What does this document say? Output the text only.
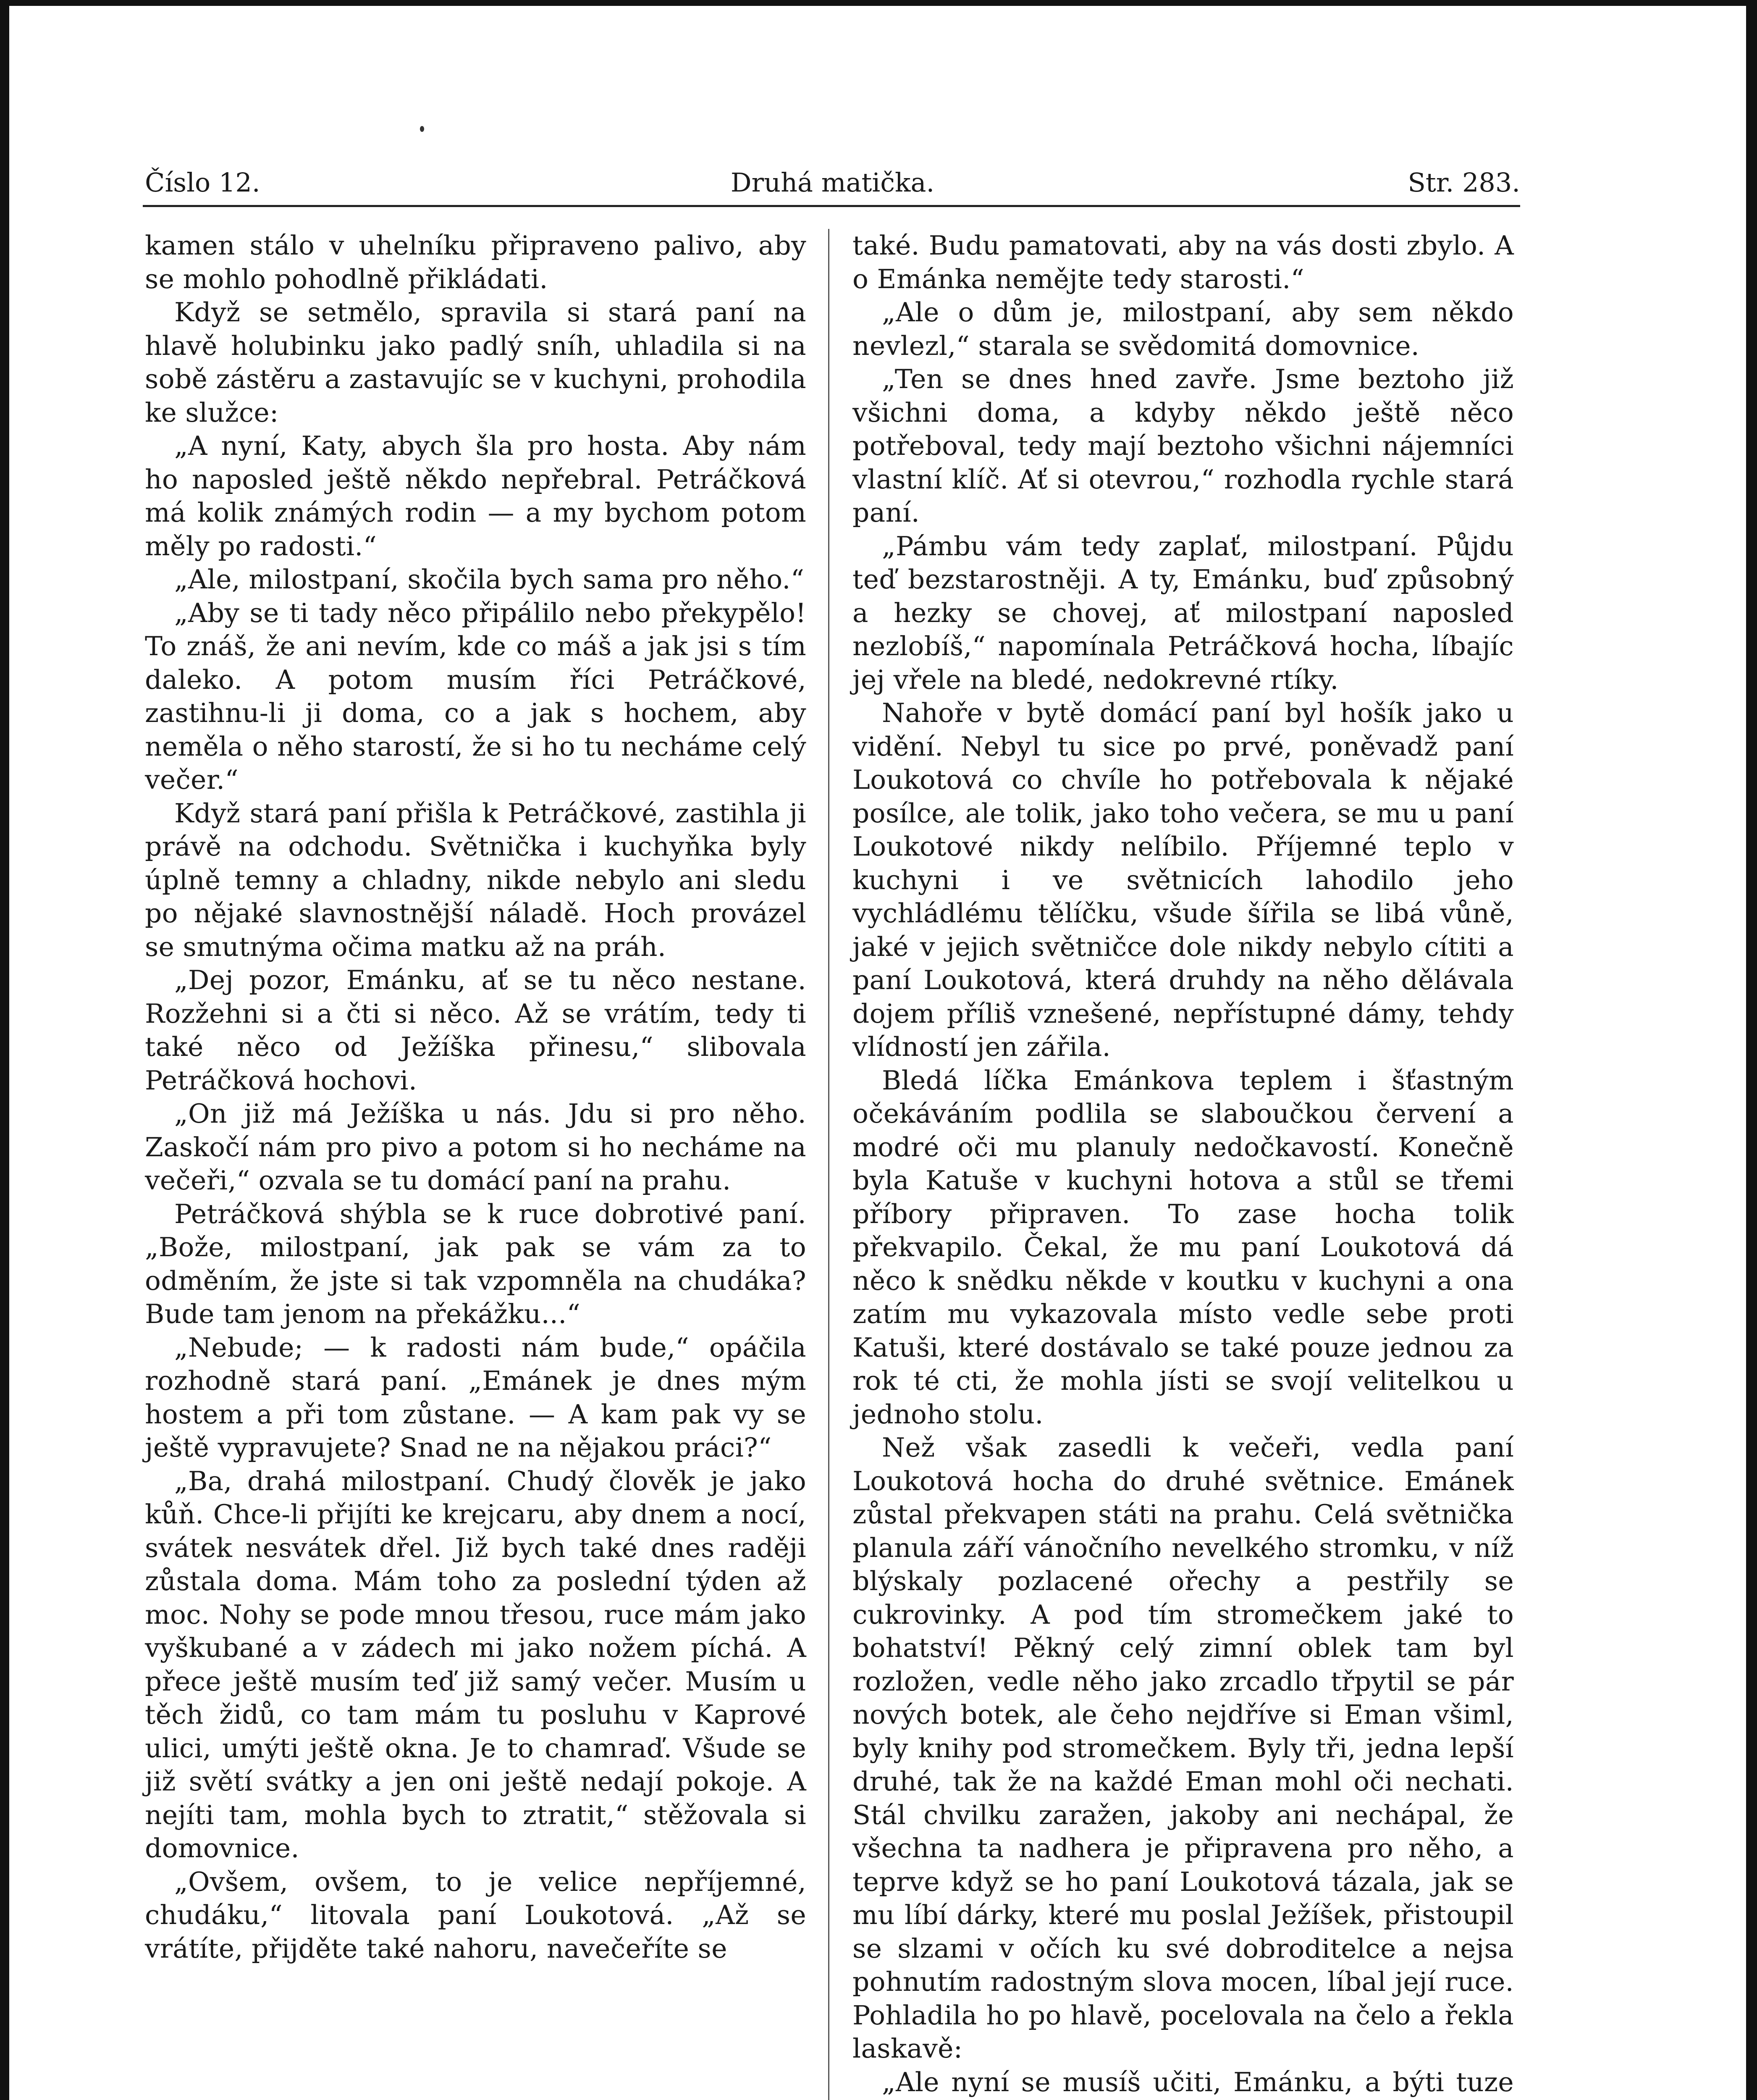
Číslo 12.	Druhá matička.	Str. 283.

kamen stálo v uhelníku připraveno palivo, aby se mohlo pohodlně přikládati.

Když se setmělo, spravila si stará paní na hlavě holubinku jako padlý sníh, uhladila si na sobě zástěru a zastavujíc se v kuchyni, prohodila ke služce:

„A nyní, Katy, abych šla pro hosta. Aby nám ho naposled ještě někdo nepřebral. Petráčková má kolik známých rodin — a my bychom potom měly po radosti.“

„Ale, milostpaní, skočila bych sama pro něho.“

„Aby se ti tady něco připálilo nebo překypělo! To znáš, že ani nevím, kde co máš a jak jsi s tím daleko. A potom musím říci Petráčkové, zastihnu-li ji doma, co a jak s hochem, aby neměla o něho starostí, že si ho tu necháme celý večer.“

Když stará paní přišla k Petráčkové, zastihla ji právě na odchodu. Světnička i kuchyňka byly úplně temny a chladny, nikde nebylo ani sledu po nějaké slavnostnější náladě. Hoch provázel se smutnýma očima matku až na práh.

„Dej pozor, Emánku, ať se tu něco nestane. Rozžehni si a čti si něco. Až se vrátím, tedy ti také něco od Ježíška přinesu,“ slibovala Petráčková hochovi.

„On již má Ježíška u nás. Jdu si pro něho. Zaskočí nám pro pivo a potom si ho necháme na večeři,“ ozvala se tu domácí paní na prahu.

Petráčková shýbla se k ruce dobrotivé paní. „Bože, milostpaní, jak pak se vám za to odměním, že jste si tak vzpomněla na chudáka? Bude tam jenom na překážku...“

„Nebude; — k radosti nám bude,“ opáčila rozhodně stará paní. „Emánek je dnes mým hostem a při tom zůstane. — A kam pak vy se ještě vypravujete? Snad ne na nějakou práci?“

„Ba, drahá milostpaní. Chudý člověk je jako kůň. Chce-li přijíti ke krejcaru, aby dnem a nocí, svátek nesvátek dřel. Již bych také dnes raději zůstala doma. Mám toho za poslední týden až moc. Nohy se pode mnou třesou, ruce mám jako vyškubané a v zádech mi jako nožem píchá. A přece ještě musím teď již samý večer. Musím u těch židů, co tam mám tu posluhu v Kaprové ulici, umýti ještě okna. Je to chamraď. Všude se již světí svátky a jen oni ještě nedají pokoje. A nejíti tam, mohla bych to ztratit,“ stěžovala si domovnice.

„Ovšem, ovšem, to je velice nepříjemné, chudáku,“ litovala paní Loukotová. „Až se vrátíte, přijděte také nahoru, navečeříte se

také. Budu pamatovati, aby na vás dosti zbylo. A o Emánka nemějte tedy starosti.“

„Ale o dům je, milostpaní, aby sem někdo nevlezl,“ starala se svědomitá domovnice.

„Ten se dnes hned zavře. Jsme beztoho již všichni doma, a kdyby někdo ještě něco potřeboval, tedy mají beztoho všichni nájemníci vlastní klíč. Ať si otevrou,“ rozhodla rychle stará paní.

„Pámbu vám tedy zaplať, milostpaní. Půjdu teď bezstarostněji. A ty, Emánku, buď způsobný a hezky se chovej, ať milostpaní naposled nezlobíš,“ napomínala Petráčková hocha, líbajíc jej vřele na bledé, nedokrevné rtíky.

Nahoře v bytě domácí paní byl hošík jako u vidění. Nebyl tu sice po prvé, poněvadž paní Loukotová co chvíle ho potřebovala k nějaké posílce, ale tolik, jako toho večera, se mu u paní Loukotové nikdy nelíbilo. Příjemné teplo v kuchyni i ve světnicích lahodilo jeho vychládlému tělíčku, všude šířila se libá vůně, jaké v jejich světničce dole nikdy nebylo cítiti a paní Loukotová, která druhdy na něho dělávala dojem příliš vznešené, nepřístupné dámy, tehdy vlídností jen zářila.

Bledá líčka Emánkova teplem i šťastným očekáváním podlila se slaboučkou červení a modré oči mu planuly nedočkavostí. Konečně byla Katuše v kuchyni hotova a stůl se třemi příbory připraven. To zase hocha tolik překvapilo. Čekal, že mu paní Loukotová dá něco k snědku někde v koutku v kuchyni a ona zatím mu vykazovala místo vedle sebe proti Katuši, které dostávalo se také pouze jednou za rok té cti, že mohla jísti se svojí velitelkou u jednoho stolu.

Než však zasedli k večeři, vedla paní Loukotová hocha do druhé světnice. Emánek zůstal překvapen státi na prahu. Celá světnička planula září vánočního nevelkého stromku, v níž blýskaly pozlacené ořechy a pestřily se cukrovinky. A pod tím stromečkem jaké to bohatství! Pěkný celý zimní oblek tam byl rozložen, vedle něho jako zrcadlo třpytil se pár nových botek, ale čeho nejdříve si Eman všiml, byly knihy pod stromečkem. Byly tři, jedna lepší druhé, tak že na každé Eman mohl oči nechati. Stál chvilku zaražen, jakoby ani nechápal, že všechna ta nadhera je připravena pro něho, a teprve když se ho paní Loukotová tázala, jak se mu líbí dárky, které mu poslal Ježíšek, přistoupil se slzami v očích ku své dobroditelce a nejsa pohnutím radostným slova mocen, líbal její ruce. Pohladila ho po hlavě, pocelovala na čelo a řekla laskavě:

„Ale nyní se musíš učiti, Emánku, a býti tuze
